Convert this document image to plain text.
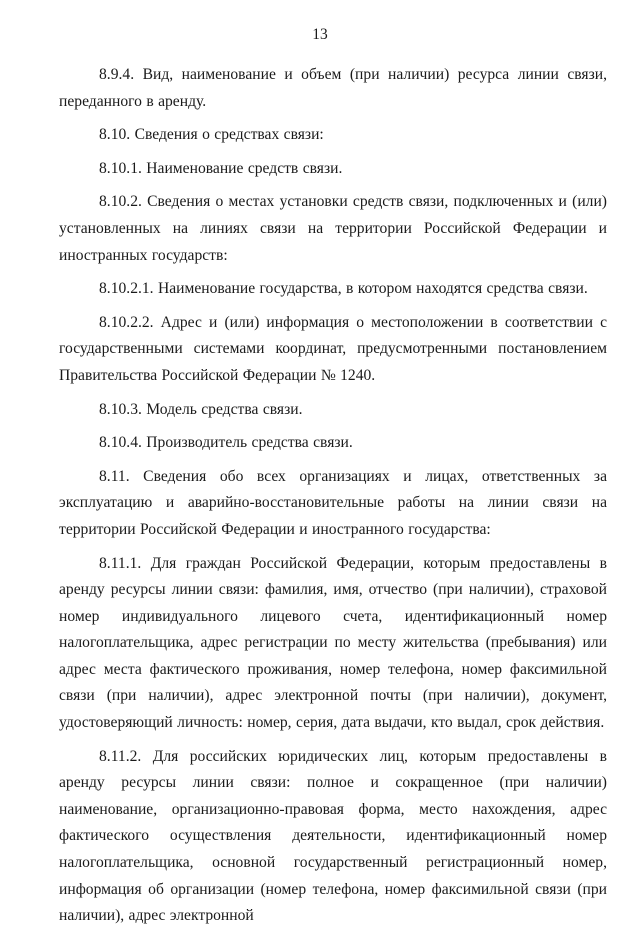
13

8.9.4. Вид, наименование и объем (при наличии) ресурса линии связи, переданного в аренду.

8.10. Сведения о средствах связи:

8.10.1. Наименование средств связи.

8.10.2. Сведения о местах установки средств связи, подключенных и (или) установленных на линиях связи на территории Российской Федерации и иностранных государств:

8.10.2.1. Наименование государства, в котором находятся средства связи.

8.10.2.2. Адрес и (или) информация о местоположении в соответствии с государственными системами координат, предусмотренными постановлением Правительства Российской Федерации № 1240.

8.10.3. Модель средства связи.

8.10.4. Производитель средства связи.

8.11. Сведения обо всех организациях и лицах, ответственных за эксплуатацию и аварийно-восстановительные работы на линии связи на территории Российской Федерации и иностранного государства:

8.11.1. Для граждан Российской Федерации, которым предоставлены в аренду ресурсы линии связи: фамилия, имя, отчество (при наличии), страховой номер индивидуального лицевого счета, идентификационный номер налогоплательщика, адрес регистрации по месту жительства (пребывания) или адрес места фактического проживания, номер телефона, номер факсимильной связи (при наличии), адрес электронной почты (при наличии), документ, удостоверяющий личность: номер, серия, дата выдачи, кто выдал, срок действия.

8.11.2. Для российских юридических лиц, которым предоставлены в аренду ресурсы линии связи: полное и сокращенное (при наличии) наименование, организационно-правовая форма, место нахождения, адрес фактического осуществления деятельности, идентификационный номер налогоплательщика, основной государственный регистрационный номер, информация об организации (номер телефона, номер факсимильной связи (при наличии), адрес электронной
